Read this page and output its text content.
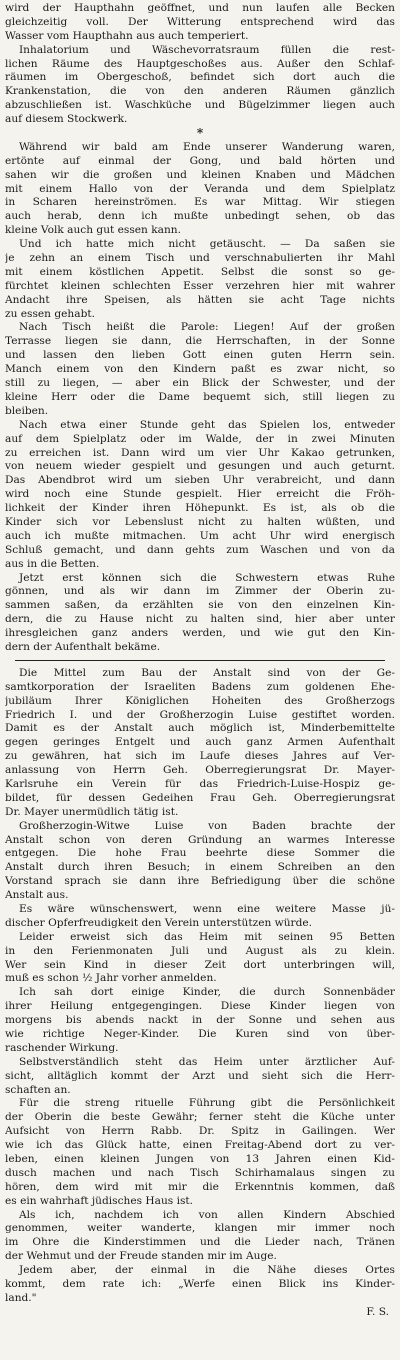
wird der Haupthahn geöffnet, und nun laufen alle Becken
gleichzeitig voll. Der Witterung entsprechend wird das
Wasser vom Haupthahn aus auch temperiert.
Inhalatorium und Wäschevorratsraum füllen die rest-
lichen Räume des Hauptgeschoßes aus. Außer den Schlaf-
räumen im Obergeschoß, befindet sich dort auch die
Krankenstation, die von den anderen Räumen gänzlich
abzuschließen ist. Waschküche und Bügelzimmer liegen auch
auf diesem Stockwerk.
*
Während wir bald am Ende unserer Wanderung waren,
ertönte auf einmal der Gong, und bald hörten und
sahen wir die großen und kleinen Knaben und Mädchen
mit einem Hallo von der Veranda und dem Spielplatz
in Scharen hereinströmen. Es war Mittag. Wir stiegen
auch herab, denn ich mußte unbedingt sehen, ob das
kleine Volk auch gut essen kann.
Und ich hatte mich nicht getäuscht. — Da saßen sie
je zehn an einem Tisch und verschnabulierten ihr Mahl
mit einem köstlichen Appetit. Selbst die sonst so ge-
fürchtet kleinen schlechten Esser verzehren hier mit wahrer
Andacht ihre Speisen, als hätten sie acht Tage nichts
zu essen gehabt.
Nach Tisch heißt die Parole: Liegen! Auf der großen
Terrasse liegen sie dann, die Herrschaften, in der Sonne
und lassen den lieben Gott einen guten Herrn sein.
Manch einem von den Kindern paßt es zwar nicht, so
still zu liegen, — aber ein Blick der Schwester, und der
kleine Herr oder die Dame bequemt sich, still liegen zu
bleiben.
Nach etwa einer Stunde geht das Spielen los, entweder
auf dem Spielplatz oder im Walde, der in zwei Minuten
zu erreichen ist. Dann wird um vier Uhr Kakao getrunken,
von neuem wieder gespielt und gesungen und auch geturnt.
Das Abendbrot wird um sieben Uhr verabreicht, und dann
wird noch eine Stunde gespielt. Hier erreicht die Fröh-
lichkeit der Kinder ihren Höhepunkt. Es ist, als ob die
Kinder sich vor Lebenslust nicht zu halten wüßten, und
auch ich mußte mitmachen. Um acht Uhr wird energisch
Schluß gemacht, und dann gehts zum Waschen und von da
aus in die Betten.
Jetzt erst können sich die Schwestern etwas Ruhe
gönnen, und als wir dann im Zimmer der Oberin zu-
sammen saßen, da erzählten sie von den einzelnen Kin-
dern, die zu Hause nicht zu halten sind, hier aber unter
ihresgleichen ganz anders werden, und wie gut den Kin-
dern der Aufenthalt bekäme.
Die Mittel zum Bau der Anstalt sind von der Ge-
samtkorporation der Israeliten Badens zum goldenen Ehe-
jubiläum Ihrer Königlichen Hoheiten des Großherzogs
Friedrich I. und der Großherzogin Luise gestiftet worden.
Damit es der Anstalt auch möglich ist, Minderbemittelte
gegen geringes Entgelt und auch ganz Armen Aufenthalt
zu gewähren, hat sich im Laufe dieses Jahres auf Ver-
anlassung von Herrn Geh. Oberregierungsrat Dr. Mayer-
Karlsruhe ein Verein für das Friedrich-Luise-Hospiz ge-
bildet, für dessen Gedeihen Frau Geh. Oberregierungsrat
Dr. Mayer unermüdlich tätig ist.
Großherzogin-Witwe Luise von Baden brachte der
Anstalt schon von deren Gründung an warmes Interesse
entgegen. Die hohe Frau beehrte diese Sommer die
Anstalt durch ihren Besuch; in einem Schreiben an den
Vorstand sprach sie dann ihre Befriedigung über die schöne
Anstalt aus.
Es wäre wünschenswert, wenn eine weitere Masse jü-
discher Opferfreudigkeit den Verein unterstützen würde.
Leider erweist sich das Heim mit seinen 95 Betten
in den Ferienmonaten Juli und August als zu klein.
Wer sein Kind in dieser Zeit dort unterbringen will,
muß es schon ½ Jahr vorher anmelden.
Ich sah dort einige Kinder, die durch Sonnenbäder
ihrer Heilung entgegengingen. Diese Kinder liegen von
morgens bis abends nackt in der Sonne und sehen aus
wie richtige Neger-Kinder. Die Kuren sind von über-
raschender Wirkung.
Selbstverständlich steht das Heim unter ärztlicher Auf-
sicht, alltäglich kommt der Arzt und sieht sich die Herr-
schaften an.
Für die streng rituelle Führung gibt die Persönlichkeit
der Oberin die beste Gewähr; ferner steht die Küche unter
Aufsicht von Herrn Rabb. Dr. Spitz in Gailingen. Wer
wie ich das Glück hatte, einen Freitag-Abend dort zu ver-
leben, einen kleinen Jungen von 13 Jahren einen Kid-
dusch machen und nach Tisch Schirhamalaus singen zu
hören, dem wird mit mir die Erkenntnis kommen, daß
es ein wahrhaft jüdisches Haus ist.
Als ich, nachdem ich von allen Kindern Abschied
genommen, weiter wanderte, klangen mir immer noch
im Ohre die Kinderstimmen und die Lieder nach, Tränen
der Wehmut und der Freude standen mir im Auge.
Jedem aber, der einmal in die Nähe dieses Ortes
kommt, dem rate ich: „Werfe einen Blick ins Kinder-
land."
F. S.
